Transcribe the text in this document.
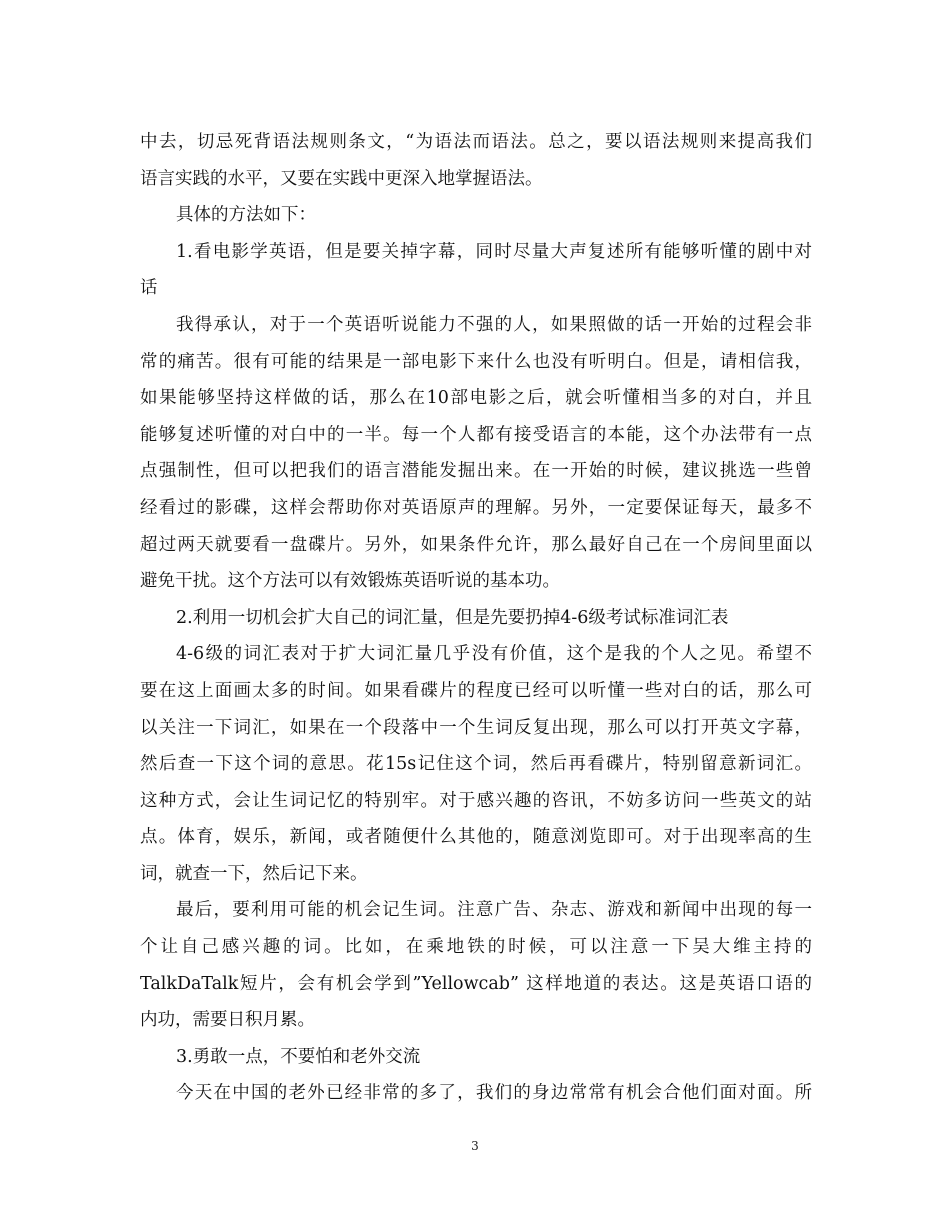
中去，切忌死背语法规则条文，“为语法而语法。总之，要以语法规则来提高我们
语言实践的水平，又要在实践中更深入地掌握语法。
具体的方法如下：
1.看电影学英语，但是要关掉字幕，同时尽量大声复述所有能够听懂的剧中对
话
我得承认，对于一个英语听说能力不强的人，如果照做的话一开始的过程会非
常的痛苦。很有可能的结果是一部电影下来什么也没有听明白。但是，请相信我，
如果能够坚持这样做的话，那么在10部电影之后，就会听懂相当多的对白，并且
能够复述听懂的对白中的一半。每一个人都有接受语言的本能，这个办法带有一点
点强制性，但可以把我们的语言潜能发掘出来。在一开始的时候，建议挑选一些曾
经看过的影碟，这样会帮助你对英语原声的理解。另外，一定要保证每天，最多不
超过两天就要看一盘碟片。另外，如果条件允许，那么最好自己在一个房间里面以
避免干扰。这个方法可以有效锻炼英语听说的基本功。
2.利用一切机会扩大自己的词汇量，但是先要扔掉4-6级考试标准词汇表
4-6级的词汇表对于扩大词汇量几乎没有价值，这个是我的个人之见。希望不
要在这上面画太多的时间。如果看碟片的程度已经可以听懂一些对白的话，那么可
以关注一下词汇，如果在一个段落中一个生词反复出现，那么可以打开英文字幕，
然后查一下这个词的意思。花15s记住这个词，然后再看碟片，特别留意新词汇。
这种方式，会让生词记忆的特别牢。对于感兴趣的咨讯，不妨多访问一些英文的站
点。体育，娱乐，新闻，或者随便什么其他的，随意浏览即可。对于出现率高的生
词，就查一下，然后记下来。
最后，要利用可能的机会记生词。注意广告、杂志、游戏和新闻中出现的每一
个让自己感兴趣的词。比如，在乘地铁的时候，可以注意一下吴大维主持的
TalkDaTalk短片，会有机会学到”Yellowcab” 这样地道的表达。这是英语口语的
内功，需要日积月累。
3.勇敢一点，不要怕和老外交流
今天在中国的老外已经非常的多了，我们的身边常常有机会合他们面对面。所
3
